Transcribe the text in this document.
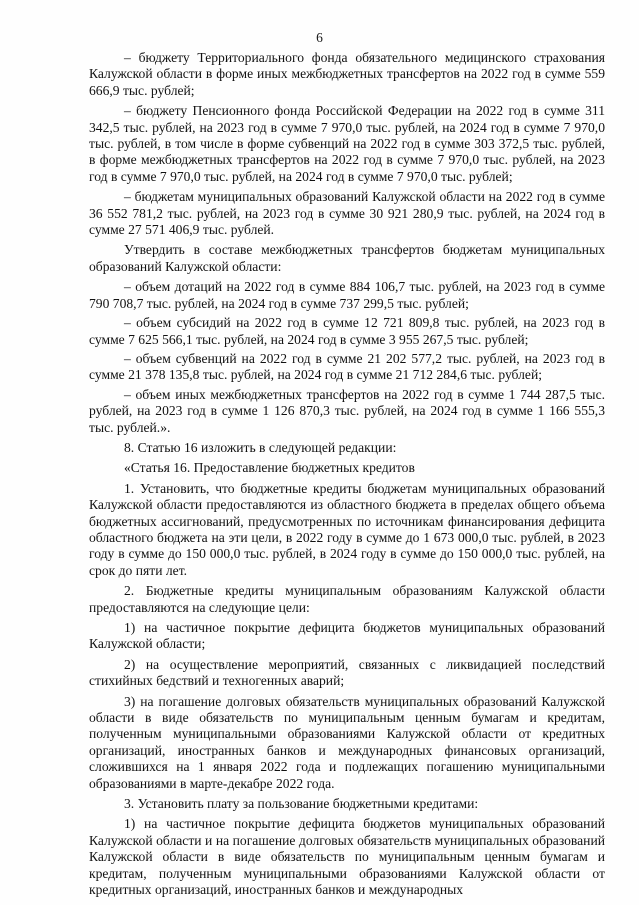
6

– бюджету Территориального фонда обязательного медицинского страхования Калужской области в форме иных межбюджетных трансфертов на 2022 год в сумме 559 666,9 тыс. рублей;

– бюджету Пенсионного фонда Российской Федерации на 2022 год в сумме 311 342,5 тыс. рублей, на 2023 год в сумме 7 970,0 тыс. рублей, на 2024 год в сумме 7 970,0 тыс. рублей, в том числе в форме субвенций на 2022 год в сумме 303 372,5 тыс. рублей, в форме межбюджетных трансфертов на 2022 год в сумме 7 970,0 тыс. рублей, на 2023 год в сумме 7 970,0 тыс. рублей, на 2024 год в сумме 7 970,0 тыс. рублей;

– бюджетам муниципальных образований Калужской области на 2022 год в сумме 36 552 781,2 тыс. рублей, на 2023 год в сумме 30 921 280,9 тыс. рублей, на 2024 год в сумме 27 571 406,9 тыс. рублей.

Утвердить в составе межбюджетных трансфертов бюджетам муниципальных образований Калужской области:

– объем дотаций на 2022 год в сумме 884 106,7 тыс. рублей, на 2023 год в сумме 790 708,7 тыс. рублей, на 2024 год в сумме 737 299,5 тыс. рублей;

– объем субсидий на 2022 год в сумме 12 721 809,8 тыс. рублей, на 2023 год в сумме 7 625 566,1 тыс. рублей, на 2024 год в сумме 3 955 267,5 тыс. рублей;

– объем субвенций на 2022 год в сумме 21 202 577,2 тыс. рублей, на 2023 год в сумме 21 378 135,8 тыс. рублей, на 2024 год в сумме 21 712 284,6 тыс. рублей;

– объем иных межбюджетных трансфертов на 2022 год в сумме 1 744 287,5 тыс. рублей, на 2023 год в сумме 1 126 870,3 тыс. рублей, на 2024 год в сумме 1 166 555,3 тыс. рублей.».

8. Статью 16 изложить в следующей редакции:

«Статья 16. Предоставление бюджетных кредитов

1. Установить, что бюджетные кредиты бюджетам муниципальных образований Калужской области предоставляются из областного бюджета в пределах общего объема бюджетных ассигнований, предусмотренных по источникам финансирования дефицита областного бюджета на эти цели, в 2022 году в сумме до 1 673 000,0 тыс. рублей, в 2023 году в сумме до 150 000,0 тыс. рублей, в 2024 году в сумме до 150 000,0 тыс. рублей, на срок до пяти лет.

2. Бюджетные кредиты муниципальным образованиям Калужской области предоставляются на следующие цели:

1) на частичное покрытие дефицита бюджетов муниципальных образований Калужской области;

2) на осуществление мероприятий, связанных с ликвидацией последствий стихийных бедствий и техногенных аварий;

3) на погашение долговых обязательств муниципальных образований Калужской области в виде обязательств по муниципальным ценным бумагам и кредитам, полученным муниципальными образованиями Калужской области от кредитных организаций, иностранных банков и международных финансовых организаций, сложившихся на 1 января 2022 года и подлежащих погашению муниципальными образованиями в марте-декабре 2022 года.

3. Установить плату за пользование бюджетными кредитами:

1) на частичное покрытие дефицита бюджетов муниципальных образований Калужской области и на погашение долговых обязательств муниципальных образований Калужской области в виде обязательств по муниципальным ценным бумагам и кредитам, полученным муниципальными образованиями Калужской области от кредитных организаций, иностранных банков и международных
